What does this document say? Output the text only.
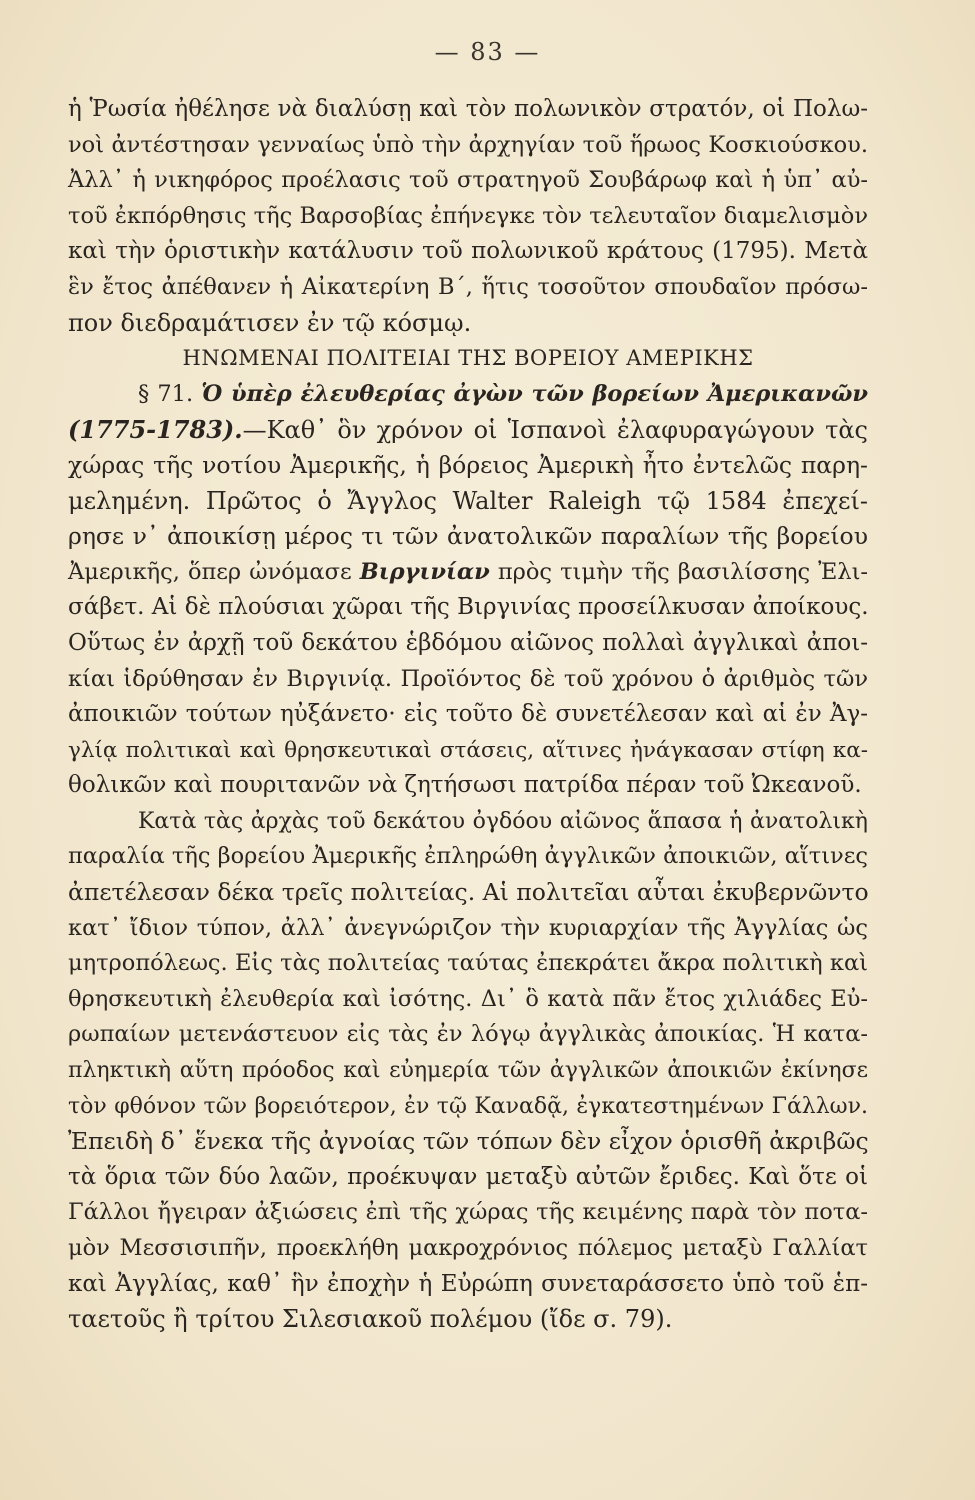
— 83 —
ἡ Ῥωσία ἠθέλησε νὰ διαλύσῃ καὶ τὸν πολωνικὸν στρατόν, οἱ Πολω-
νοὶ ἀντέστησαν γενναίως ὑπὸ τὴν ἀρχηγίαν τοῦ ἥρωος Κοσκιούσκου.
Ἀλλ᾽ ἡ νικηφόρος προέλασις τοῦ στρατηγοῦ Σουβάρωφ καὶ ἡ ὑπ᾽ αὐ-
τοῦ ἐκπόρθησις τῆς Βαρσοβίας ἐπήνεγκε τὸν τελευταῖον διαμελισμὸν
καὶ τὴν ὁριστικὴν κατάλυσιν τοῦ πολωνικοῦ κράτους (1795). Μετὰ
ἓν ἔτος ἀπέθανεν ἡ Αἰκατερίνη Β´, ἥτις τοσοῦτον σπουδαῖον πρόσω-
πον διεδραμάτισεν ἐν τῷ κόσμῳ.
ΗΝΩΜΕΝΑΙ ΠΟΛΙΤΕΙΑΙ ΤΗΣ ΒΟΡΕΙΟΥ ΑΜΕΡΙΚΗΣ
§ 71. Ὁ ὑπὲρ ἐλευθερίας ἀγὼν τῶν βορείων Ἀμερικανῶν
(1775-1783).—Καθ᾽ ὃν χρόνον οἱ Ἱσπανοὶ ἐλαφυραγώγουν τὰς
χώρας τῆς νοτίου Ἀμερικῆς, ἡ βόρειος Ἀμερικὴ ἦτο ἐντελῶς παρη-
μελημένη. Πρῶτος ὁ Ἄγγλος Walter Raleigh τῷ 1584 ἐπεχεί-
ρησε ν᾽ ἀποικίσῃ μέρος τι τῶν ἀνατολικῶν παραλίων τῆς βορείου
Ἀμερικῆς, ὅπερ ὠνόμασε Βιργινίαν πρὸς τιμὴν τῆς βασιλίσσης Ἐλι-
σάβετ. Αἱ δὲ πλούσιαι χῶραι τῆς Βιργινίας προσείλκυσαν ἀποίκους.
Οὕτως ἐν ἀρχῇ τοῦ δεκάτου ἑβδόμου αἰῶνος πολλαὶ ἀγγλικαὶ ἀποι-
κίαι ἱδρύθησαν ἐν Βιργινίᾳ. Προϊόντος δὲ τοῦ χρόνου ὁ ἀριθμὸς τῶν
ἀποικιῶν τούτων ηὐξάνετο· εἰς τοῦτο δὲ συνετέλεσαν καὶ αἱ ἐν Ἀγ-
γλίᾳ πολιτικαὶ καὶ θρησκευτικαὶ στάσεις, αἵτινες ἠνάγκασαν στίφη κα-
θολικῶν καὶ πουριτανῶν νὰ ζητήσωσι πατρίδα πέραν τοῦ Ὠκεανοῦ.
Κατὰ τὰς ἀρχὰς τοῦ δεκάτου ὀγδόου αἰῶνος ἅπασα ἡ ἀνατολικὴ
παραλία τῆς βορείου Ἀμερικῆς ἐπληρώθη ἀγγλικῶν ἀποικιῶν, αἵτινες
ἀπετέλεσαν δέκα τρεῖς πολιτείας. Αἱ πολιτεῖαι αὗται ἐκυβερνῶντο
κατ᾽ ἴδιον τύπον, ἀλλ᾽ ἀνεγνώριζον τὴν κυριαρχίαν τῆς Ἀγγλίας ὡς
μητροπόλεως. Εἰς τὰς πολιτείας ταύτας ἐπεκράτει ἄκρα πολιτικὴ καὶ
θρησκευτικὴ ἐλευθερία καὶ ἰσότης. Δι᾽ ὃ κατὰ πᾶν ἔτος χιλιάδες Εὐ-
ρωπαίων μετενάστευον εἰς τὰς ἐν λόγῳ ἀγγλικὰς ἀποικίας. Ἡ κατα-
πληκτικὴ αὕτη πρόοδος καὶ εὐημερία τῶν ἀγγλικῶν ἀποικιῶν ἐκίνησε
τὸν φθόνον τῶν βορειότερον, ἐν τῷ Καναδᾷ, ἐγκατεστημένων Γάλλων.
Ἐπειδὴ δ᾽ ἕνεκα τῆς ἀγνοίας τῶν τόπων δὲν εἶχον ὁρισθῆ ἀκριβῶς
τὰ ὅρια τῶν δύο λαῶν, προέκυψαν μεταξὺ αὐτῶν ἔριδες. Καὶ ὅτε οἱ
Γάλλοι ἤγειραν ἀξιώσεις ἐπὶ τῆς χώρας τῆς κειμένης παρὰ τὸν ποτα-
μὸν Μεσσισιπῆν, προεκλήθη μακροχρόνιος πόλεμος μεταξὺ Γαλλίατ
καὶ Ἀγγλίας, καθ᾽ ἣν ἐποχὴν ἡ Εὐρώπη συνεταράσσετο ὑπὸ τοῦ ἑπ-
ταετοῦς ἢ τρίτου Σιλεσιακοῦ πολέμου (ἴδε σ. 79).
